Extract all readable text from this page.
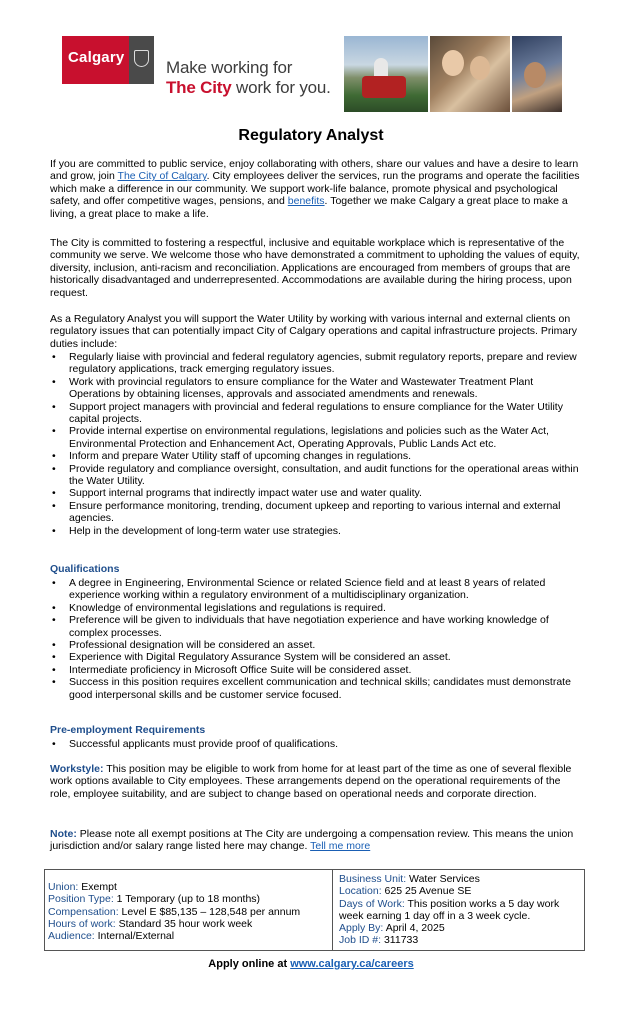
Calgary
Make working for
The City work for you.
Regulatory Analyst
If you are committed to public service, enjoy collaborating with others, share our values and have a desire to learn and grow, join The City of Calgary. City employees deliver the services, run the programs and operate the facilities which make a difference in our community. We support work-life balance, promote physical and psychological safety, and offer competitive wages, pensions, and benefits. Together we make Calgary a great place to make a living, a great place to make a life.
The City is committed to fostering a respectful, inclusive and equitable workplace which is representative of the community we serve. We welcome those who have demonstrated a commitment to upholding the values of equity, diversity, inclusion, anti-racism and reconciliation. Applications are encouraged from members of groups that are historically disadvantaged and underrepresented. Accommodations are available during the hiring process, upon request.
As a Regulatory Analyst you will support the Water Utility by working with various internal and external clients on regulatory issues that can potentially impact City of Calgary operations and capital infrastructure projects. Primary duties include:
• Regularly liaise with provincial and federal regulatory agencies, submit regulatory reports, prepare and review regulatory applications, track emerging regulatory issues.
• Work with provincial regulators to ensure compliance for the Water and Wastewater Treatment Plant Operations by obtaining licenses, approvals and associated amendments and renewals.
• Support project managers with provincial and federal regulations to ensure compliance for the Water Utility capital projects.
• Provide internal expertise on environmental regulations, legislations and policies such as the Water Act, Environmental Protection and Enhancement Act, Operating Approvals, Public Lands Act etc.
• Inform and prepare Water Utility staff of upcoming changes in regulations.
• Provide regulatory and compliance oversight, consultation, and audit functions for the operational areas within the Water Utility.
• Support internal programs that indirectly impact water use and water quality.
• Ensure performance monitoring, trending, document upkeep and reporting to various internal and external agencies.
• Help in the development of long-term water use strategies.
Qualifications
• A degree in Engineering, Environmental Science or related Science field and at least 8 years of related experience working within a regulatory environment of a multidisciplinary organization.
• Knowledge of environmental legislations and regulations is required.
• Preference will be given to individuals that have negotiation experience and have working knowledge of complex processes.
• Professional designation will be considered an asset.
• Experience with Digital Regulatory Assurance System will be considered an asset.
• Intermediate proficiency in Microsoft Office Suite will be considered asset.
• Success in this position requires excellent communication and technical skills; candidates must demonstrate good interpersonal skills and be customer service focused.
Pre-employment Requirements
• Successful applicants must provide proof of qualifications.
Workstyle: This position may be eligible to work from home for at least part of the time as one of several flexible work options available to City employees. These arrangements depend on the operational requirements of the role, employee suitability, and are subject to change based on operational needs and corporate direction.
Note: Please note all exempt positions at The City are undergoing a compensation review. This means the union jurisdiction and/or salary range listed here may change. Tell me more
Union: Exempt
Position Type: 1 Temporary (up to 18 months)
Compensation: Level E $85,135 – 128,548 per annum
Hours of work: Standard 35 hour work week
Audience: Internal/External
Business Unit: Water Services
Location: 625 25 Avenue SE
Days of Work: This position works a 5 day work week earning 1 day off in a 3 week cycle.
Apply By: April 4, 2025
Job ID #: 311733
Apply online at www.calgary.ca/careers
